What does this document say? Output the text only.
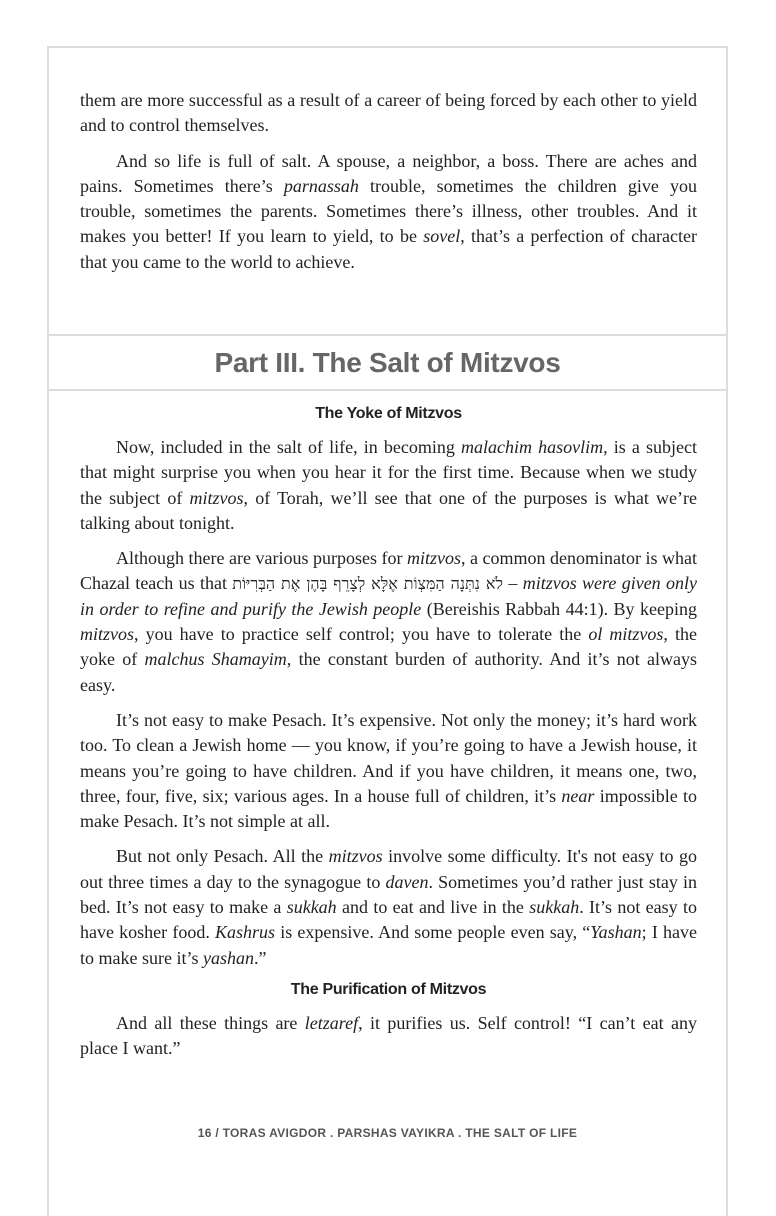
them are more successful as a result of a career of being forced by each other to yield and to control themselves.

And so life is full of salt. A spouse, a neighbor, a boss. There are aches and pains. Sometimes there’s parnassah trouble, sometimes the children give you trouble, sometimes the parents. Sometimes there’s illness, other troubles. And it makes you better! If you learn to yield, to be sovel, that’s a perfection of character that you came to the world to achieve.

Part III. The Salt of Mitzvos
The Yoke of Mitzvos

Now, included in the salt of life, in becoming malachim hasovlim, is a subject that might surprise you when you hear it for the first time. Because when we study the subject of mitzvos, of Torah, we’ll see that one of the purposes is what we’re talking about tonight.

Although there are various purposes for mitzvos, a common denominator is what Chazal teach us that לֹא נִתְּנָה הַמִּצְוֹת אֶלָּא לְצָרֵף בָּהֶן אֶת הַבְּרִיּוֹת – mitzvos were given only in order to refine and purify the Jewish people (Bereishis Rabbah 44:1). By keeping mitzvos, you have to practice self control; you have to tolerate the ol mitzvos, the yoke of malchus Shamayim, the constant burden of authority. And it’s not always easy.

It’s not easy to make Pesach. It’s expensive. Not only the money; it’s hard work too. To clean a Jewish home — you know, if you’re going to have a Jewish house, it means you’re going to have children. And if you have children, it means one, two, three, four, five, six; various ages. In a house full of children, it’s near impossible to make Pesach. It’s not simple at all.

But not only Pesach. All the mitzvos involve some difficulty. It's not easy to go out three times a day to the synagogue to daven. Sometimes you’d rather just stay in bed. It’s not easy to make a sukkah and to eat and live in the sukkah. It’s not easy to have kosher food. Kashrus is expensive. And some people even say, “Yashan; I have to make sure it’s yashan.”

The Purification of Mitzvos

And all these things are letzaref, it purifies us. Self control! “I can’t eat any place I want.”

16 / TORAS AVIGDOR . PARSHAS VAYIKRA . THE SALT OF LIFE
